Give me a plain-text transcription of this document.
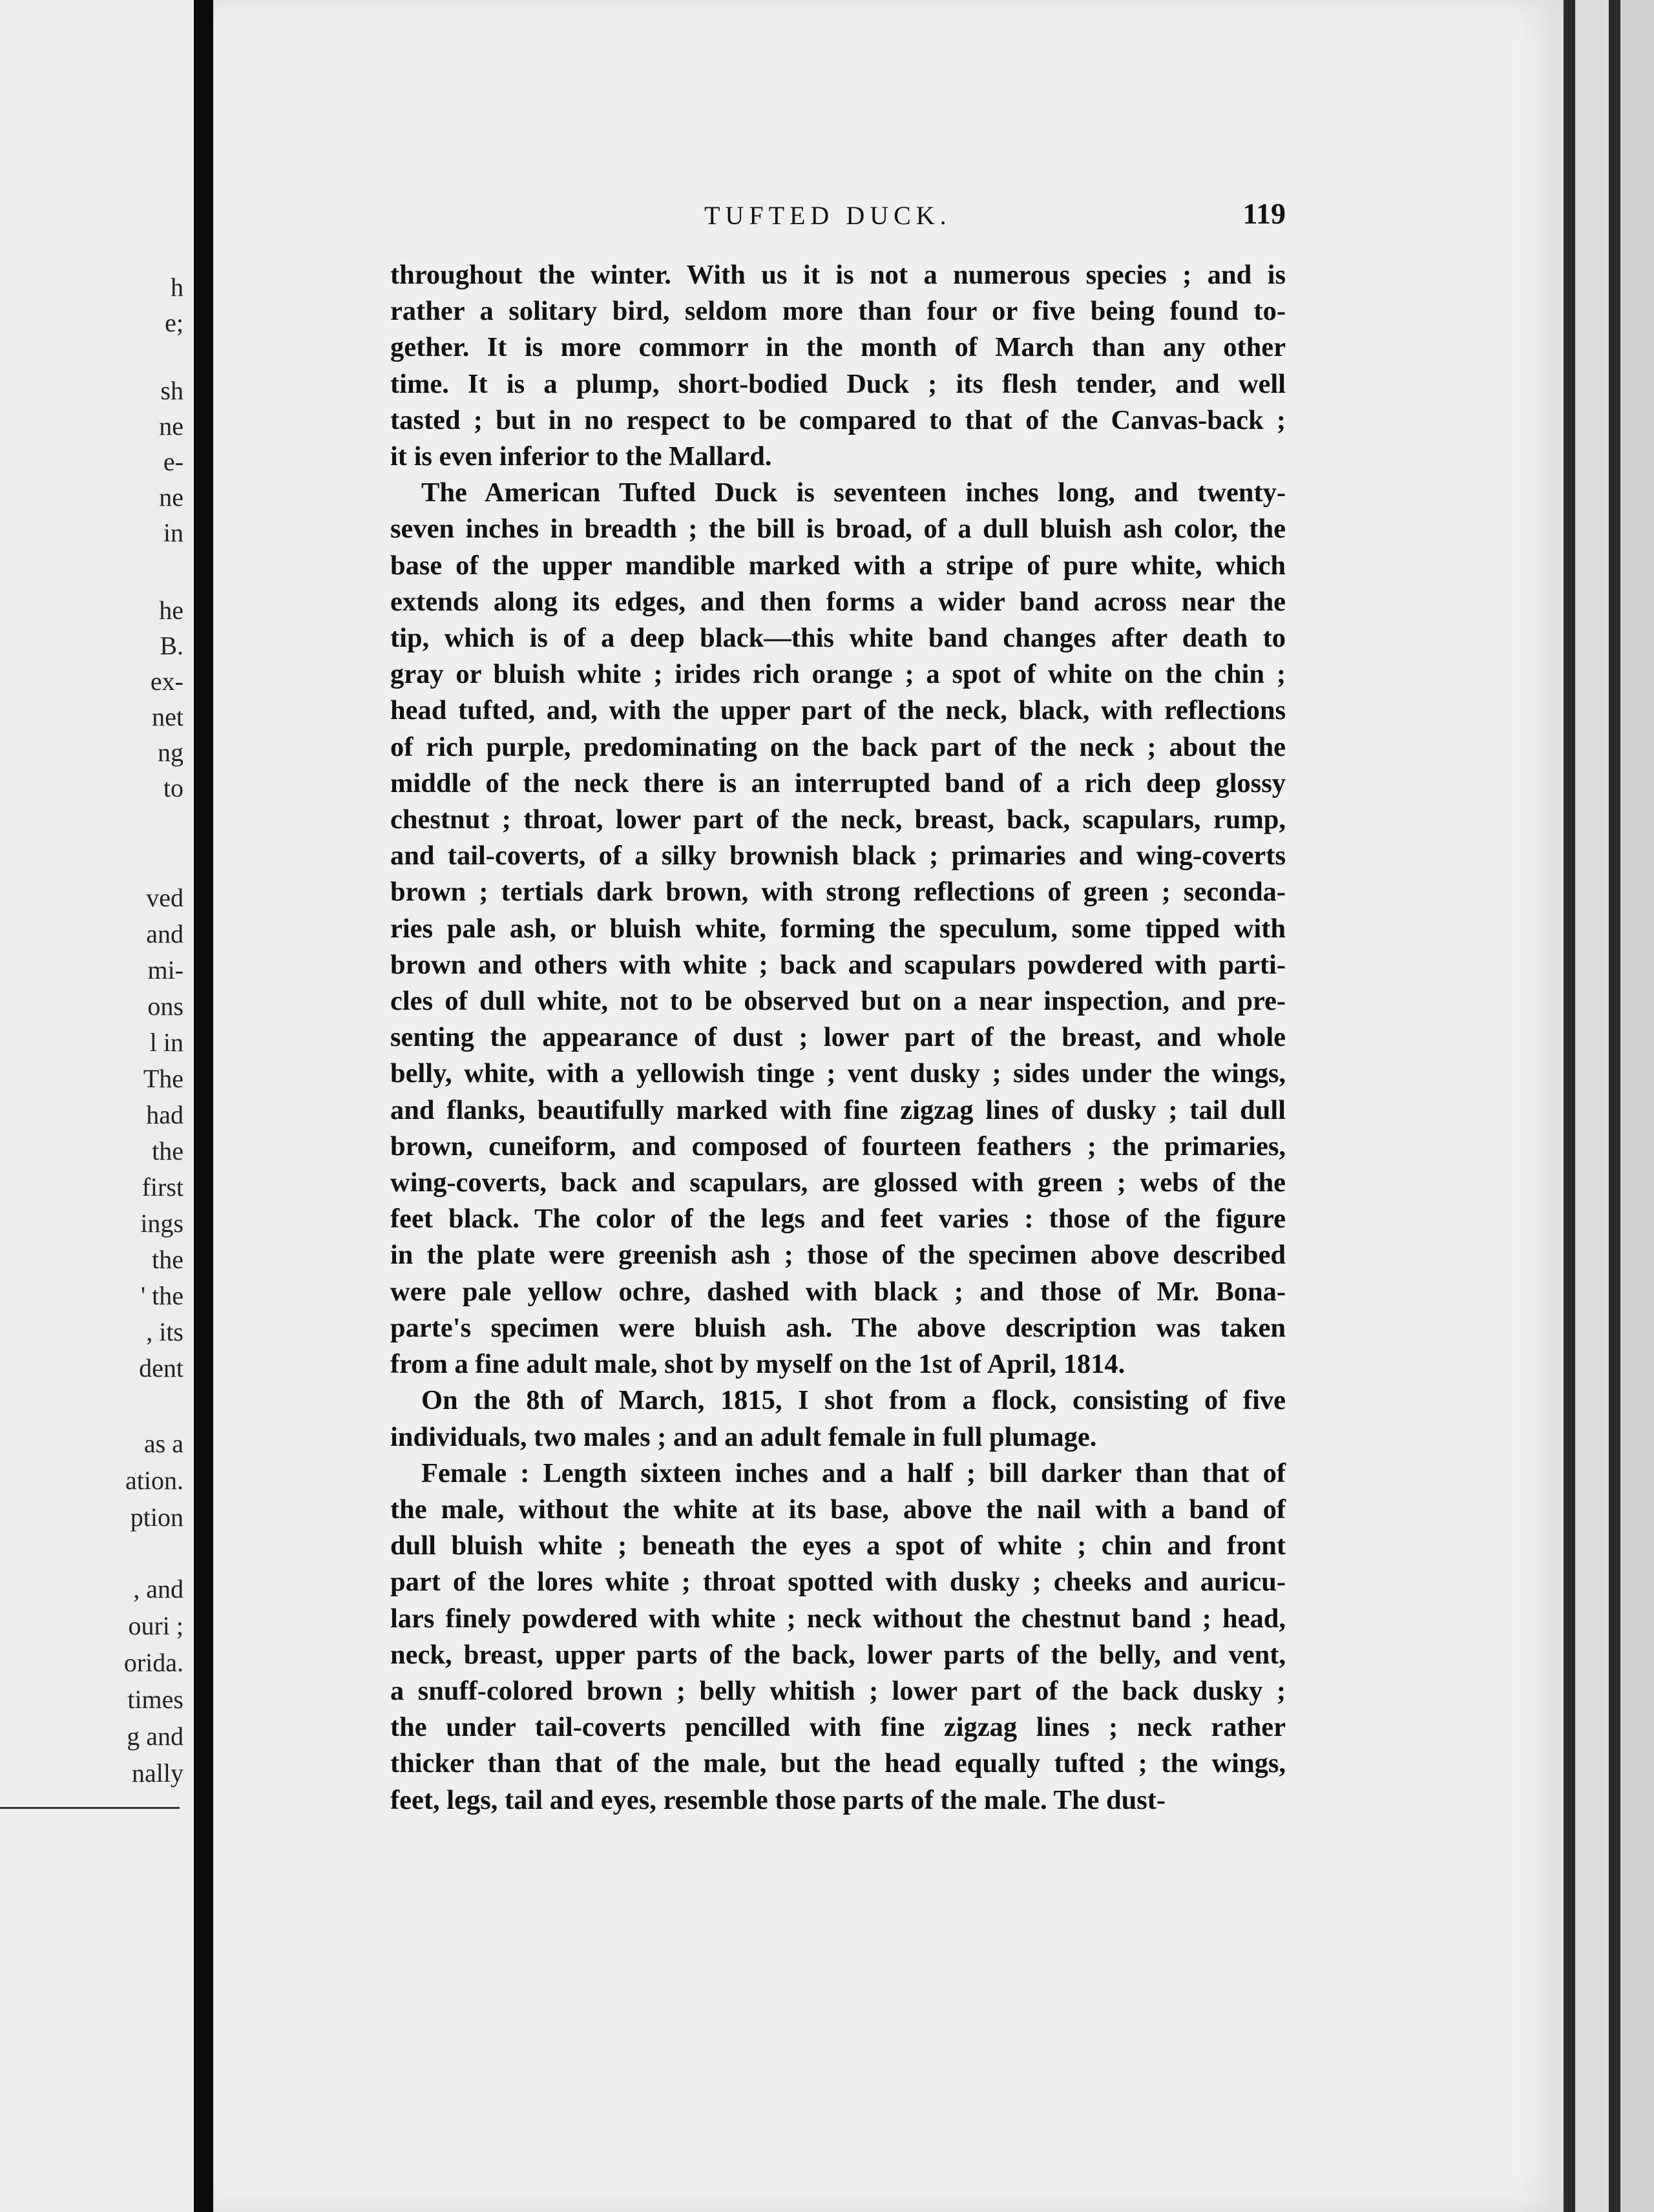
h
e;
sh
ne
e-
ne
in
he
B.
ex-
net
ng
to
ved
and
mi-
ons
l in
The
had
the
first
ings
the
' the
, its
dent
as a
ation.
ption
, and
ouri ;
orida.
times
g and
nally
TUFTED DUCK.	119

throughout the winter. With us it is not a numerous species ; and is
rather a solitary bird, seldom more than four or five being found to-
gether. It is more commorr in the month of March than any other
time. It is a plump, short-bodied Duck ; its flesh tender, and well
tasted ; but in no respect to be compared to that of the Canvas-back ;
it is even inferior to the Mallard.

The American Tufted Duck is seventeen inches long, and twenty-
seven inches in breadth ; the bill is broad, of a dull bluish ash color, the
base of the upper mandible marked with a stripe of pure white, which
extends along its edges, and then forms a wider band across near the
tip, which is of a deep black—this white band changes after death to
gray or bluish white ; irides rich orange ; a spot of white on the chin ;
head tufted, and, with the upper part of the neck, black, with reflections
of rich purple, predominating on the back part of the neck ; about the
middle of the neck there is an interrupted band of a rich deep glossy
chestnut ; throat, lower part of the neck, breast, back, scapulars, rump,
and tail-coverts, of a silky brownish black ; primaries and wing-coverts
brown ; tertials dark brown, with strong reflections of green ; seconda-
ries pale ash, or bluish white, forming the speculum, some tipped with
brown and others with white ; back and scapulars powdered with parti-
cles of dull white, not to be observed but on a near inspection, and pre-
senting the appearance of dust ; lower part of the breast, and whole
belly, white, with a yellowish tinge ; vent dusky ; sides under the wings,
and flanks, beautifully marked with fine zigzag lines of dusky ; tail dull
brown, cuneiform, and composed of fourteen feathers ; the primaries,
wing-coverts, back and scapulars, are glossed with green ; webs of the
feet black. The color of the legs and feet varies : those of the figure
in the plate were greenish ash ; those of the specimen above described
were pale yellow ochre, dashed with black ; and those of Mr. Bona-
parte's specimen were bluish ash. The above description was taken
from a fine adult male, shot by myself on the 1st of April, 1814.

On the 8th of March, 1815, I shot from a flock, consisting of five
individuals, two males ; and an adult female in full plumage.

Female : Length sixteen inches and a half ; bill darker than that of
the male, without the white at its base, above the nail with a band of
dull bluish white ; beneath the eyes a spot of white ; chin and front
part of the lores white ; throat spotted with dusky ; cheeks and auricu-
lars finely powdered with white ; neck without the chestnut band ; head,
neck, breast, upper parts of the back, lower parts of the belly, and vent,
a snuff-colored brown ; belly whitish ; lower part of the back dusky ;
the under tail-coverts pencilled with fine zigzag lines ; neck rather
thicker than that of the male, but the head equally tufted ; the wings,
feet, legs, tail and eyes, resemble those parts of the male. The dust-
